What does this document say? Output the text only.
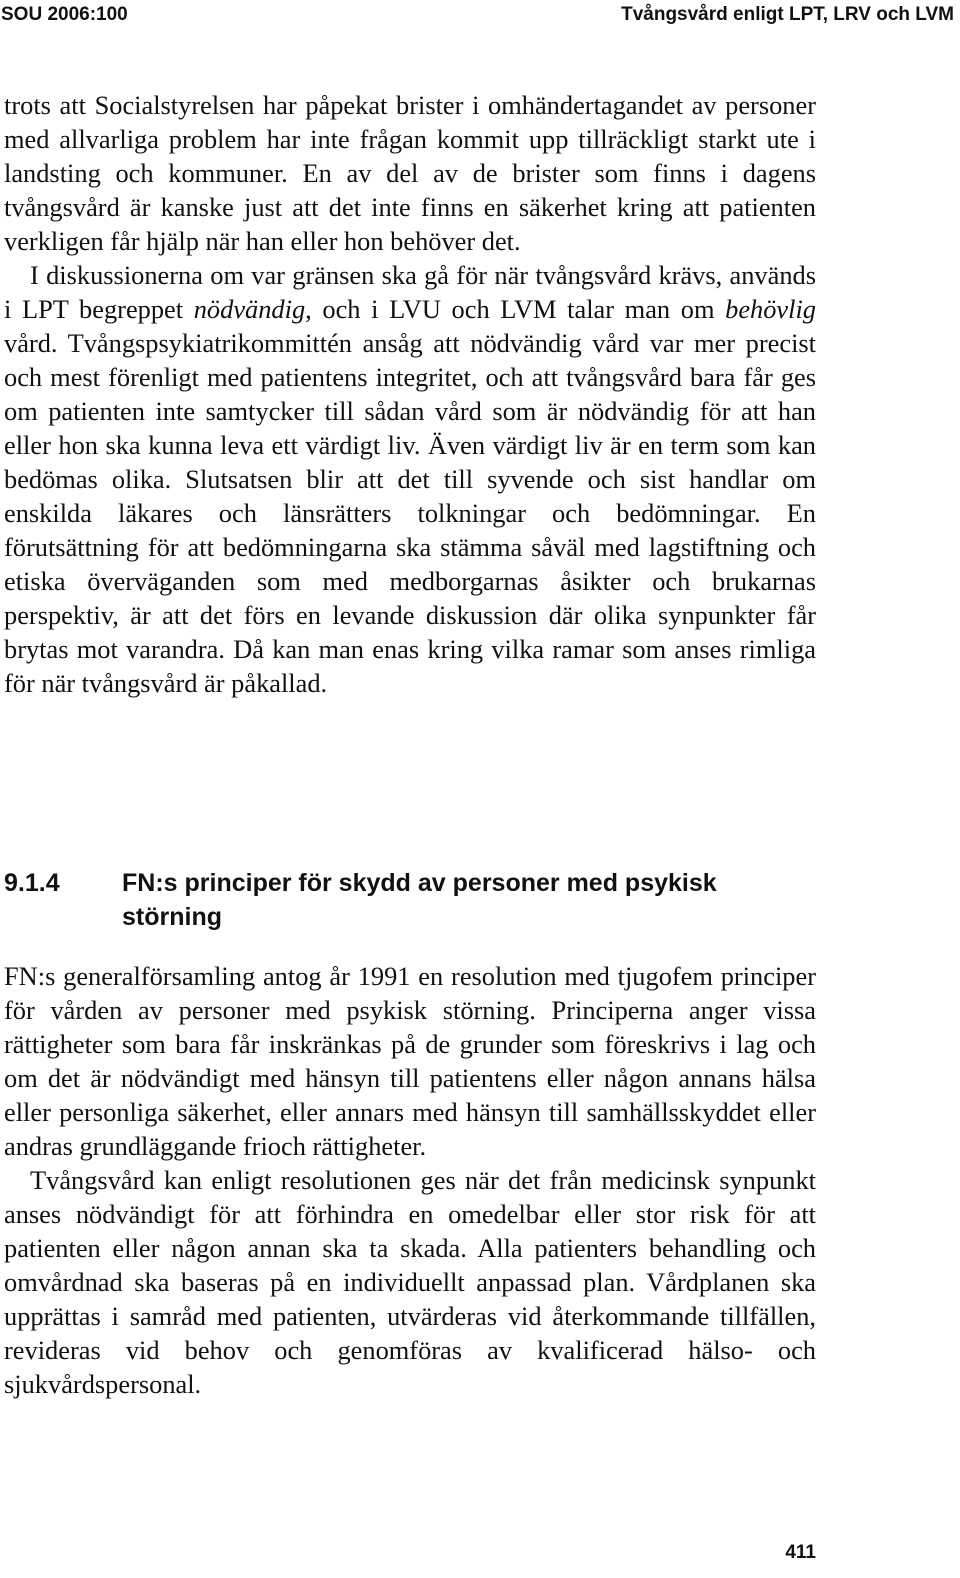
SOU 2006:100	Tvångsvård enligt LPT, LRV och LVM

trots att Socialstyrelsen har påpekat brister i omhändertagandet av personer med allvarliga problem har inte frågan kommit upp tillräckligt starkt ute i landsting och kommuner. En av del av de brister som finns i dagens tvångsvård är kanske just att det inte finns en säkerhet kring att patienten verkligen får hjälp när han eller hon behöver det.

I diskussionerna om var gränsen ska gå för när tvångsvård krävs, används i LPT begreppet nödvändig, och i LVU och LVM talar man om behövlig vård. Tvångspsykiatrikommittén ansåg att nödvändig vård var mer precist och mest förenligt med patientens integritet, och att tvångsvård bara får ges om patienten inte samtycker till sådan vård som är nödvändig för att han eller hon ska kunna leva ett värdigt liv. Även värdigt liv är en term som kan bedömas olika. Slutsatsen blir att det till syvende och sist handlar om enskilda läkares och länsrätters tolkningar och bedömningar. En förutsättning för att bedömningarna ska stämma såväl med lagstiftning och etiska överväganden som med medborgarnas åsikter och brukarnas perspektiv, är att det förs en levande diskussion där olika synpunkter får brytas mot varandra. Då kan man enas kring vilka ramar som anses rimliga för när tvångsvård är påkallad.

9.1.4 FN:s principer för skydd av personer med psykisk störning

FN:s generalförsamling antog år 1991 en resolution med tjugofem principer för vården av personer med psykisk störning. Principerna anger vissa rättigheter som bara får inskränkas på de grunder som föreskrivs i lag och om det är nödvändigt med hänsyn till patientens eller någon annans hälsa eller personliga säkerhet, eller annars med hänsyn till samhällsskyddet eller andras grundläggande frioch rättigheter.

Tvångsvård kan enligt resolutionen ges när det från medicinsk synpunkt anses nödvändigt för att förhindra en omedelbar eller stor risk för att patienten eller någon annan ska ta skada. Alla patienters behandling och omvårdnad ska baseras på en individuellt anpassad plan. Vårdplanen ska upprättas i samråd med patienten, utvärderas vid återkommande tillfällen, revideras vid behov och genomföras av kvalificerad hälso- och sjukvårdspersonal.

411
